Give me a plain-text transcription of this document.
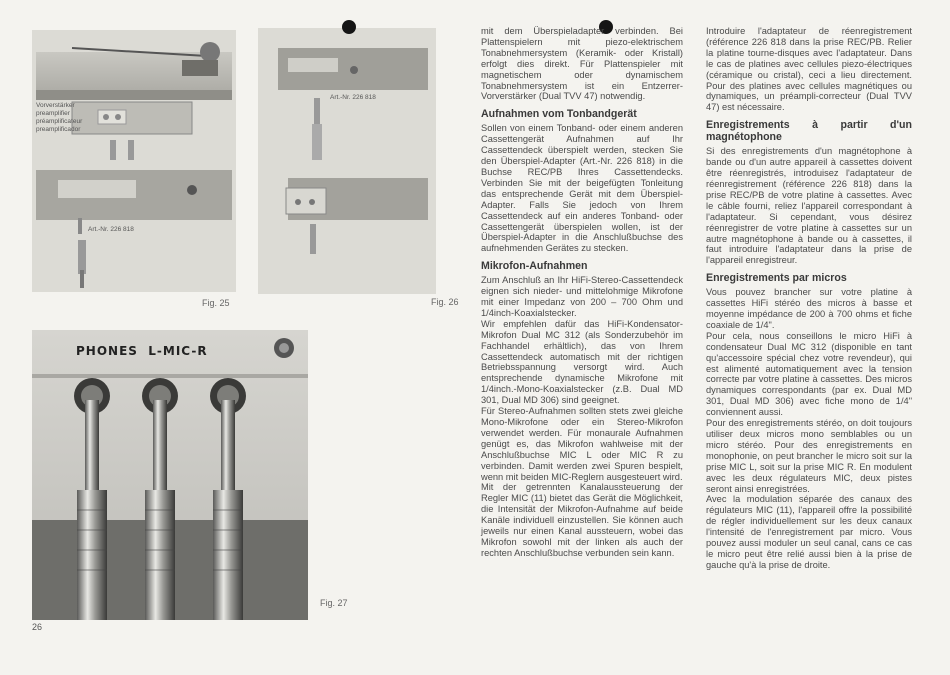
Vorverstärker
preamplifier
préamplificateur
preamplificador
Art.-Nr. 226 818
Fig. 25
Art.-Nr. 226 818
Fig. 26
PHONES  L-MIC-R
Fig. 27
26

mit dem Überspieladapter verbinden. Bei Plattenspielern mit piezo-elektrischem Tonabnehmersystem (Keramik- oder Kristall) erfolgt dies direkt. Für Plattenspieler mit magnetischem oder dynamischem Tonabnehmersystem ist ein Entzerrer-Vorverstärker (Dual TVV 47) notwendig.

Aufnahmen vom Tonbandgerät

Sollen von einem Tonband- oder einem anderen Cassettengerät Aufnahmen auf Ihr Cassettendeck überspielt werden, stecken Sie den Überspiel-Adapter (Art.-Nr. 226 818) in die Buchse REC/PB Ihres Cassettendecks. Verbinden Sie mit der beigefügten Tonleitung das entsprechende Gerät mit dem Überspiel-Adapter. Falls Sie jedoch von Ihrem Cassettendeck auf ein anderes Tonband- oder Cassettengerät überspielen wollen, ist der Überspiel-Adapter in die Anschlußbuchse des aufnehmenden Gerätes zu stecken.

Mikrofon-Aufnahmen

Zum Anschluß an Ihr HiFi-Stereo-Cassettendeck eignen sich nieder- und mittelohmige Mikrofone mit einer Impedanz von 200 – 700 Ohm und 1/4inch-Koaxialstecker.

Wir empfehlen dafür das HiFi-Kondensator-Mikrofon Dual MC 312 (als Sonderzubehör im Fachhandel erhältlich), das von Ihrem Cassettendeck automatisch mit der richtigen Betriebsspannung versorgt wird. Auch entsprechende dynamische Mikrofone mit 1/4inch.-Mono-Koaxialstecker (z.B. Dual MD 301, Dual MD 306) sind geeignet.

Für Stereo-Aufnahmen sollten stets zwei gleiche Mono-Mikrofone oder ein Stereo-Mikrofon verwendet werden. Für monaurale Aufnahmen genügt es, das Mikrofon wahlweise mit der Anschlußbuchse MIC L oder MIC R zu verbinden. Damit werden zwei Spuren bespielt, wenn mit beiden MIC-Reglern ausgesteuert wird.

Mit der getrennten Kanalaussteuerung der Regler MIC (11) bietet das Gerät die Möglichkeit, die Intensität der Mikrofon-Aufnahme auf beide Kanäle individuell einzustellen. Sie können auch jeweils nur einen Kanal aussteuern, wobei das Mikrofon sowohl mit der linken als auch der rechten Anschlußbuchse verbunden sein kann.

Introduire l'adaptateur de réenregistrement (référence 226 818 dans la prise REC/PB. Relier la platine tourne-disques avec l'adaptateur. Dans le cas de platines avec cellules piezo-électriques (céramique ou cristal), ceci a lieu directement. Pour des platines avec cellules magnétiques ou dynamiques, un préampli-correcteur (Dual TVV 47) est nécessaire.

Enregistrements à partir d'un magnétophone

Si des enregistrements d'un magnétophone à bande ou d'un autre appareil à cassettes doivent être réenregistrés, introduisez l'adaptateur de réenregistrement (référence 226 818) dans la prise REC/PB de votre platine à cassettes. Avec le câble fourni, reliez l'appareil correspondant à l'adaptateur. Si cependant, vous désirez réenregistrer de votre platine à cassettes sur un autre magnétophone à bande ou à cassettes, il faut introduire l'adaptateur dans la prise de l'appareil enregistreur.

Enregistrements par micros

Vous pouvez brancher sur votre platine à cassettes HiFi stéréo des micros à basse et moyenne impédance de 200 à 700 ohms et fiche coaxiale de 1/4".

Pour cela, nous conseillons le micro HiFi à condensateur Dual MC 312 (disponible en tant qu'accessoire spécial chez votre revendeur), qui est alimenté automatiquement avec la tension correcte par votre platine à cassettes. Des micros dynamiques correspondants (par ex. Dual MD 301, Dual MD 306) avec fiche mono de 1/4" conviennent aussi.

Pour des enregistrements stéréo, on doit toujours utiliser deux micros mono semblables ou un micro stéréo. Pour des enregistrements en monophonie, on peut brancher le micro soit sur la prise MIC L, soit sur la prise MIC R. En modulent avec les deux régulateurs MIC, deux pistes seront ainsi enregistrées.

Avec la modulation séparée des canaux des régulateurs MIC (11), l'appareil offre la possibilité de régler individuellement sur les deux canaux l'intensité de l'enregistrement par micro. Vous pouvez aussi moduler un seul canal, cans ce cas le micro peut être relié aussi bien à la prise de gauche qu'à la prise de droite.
